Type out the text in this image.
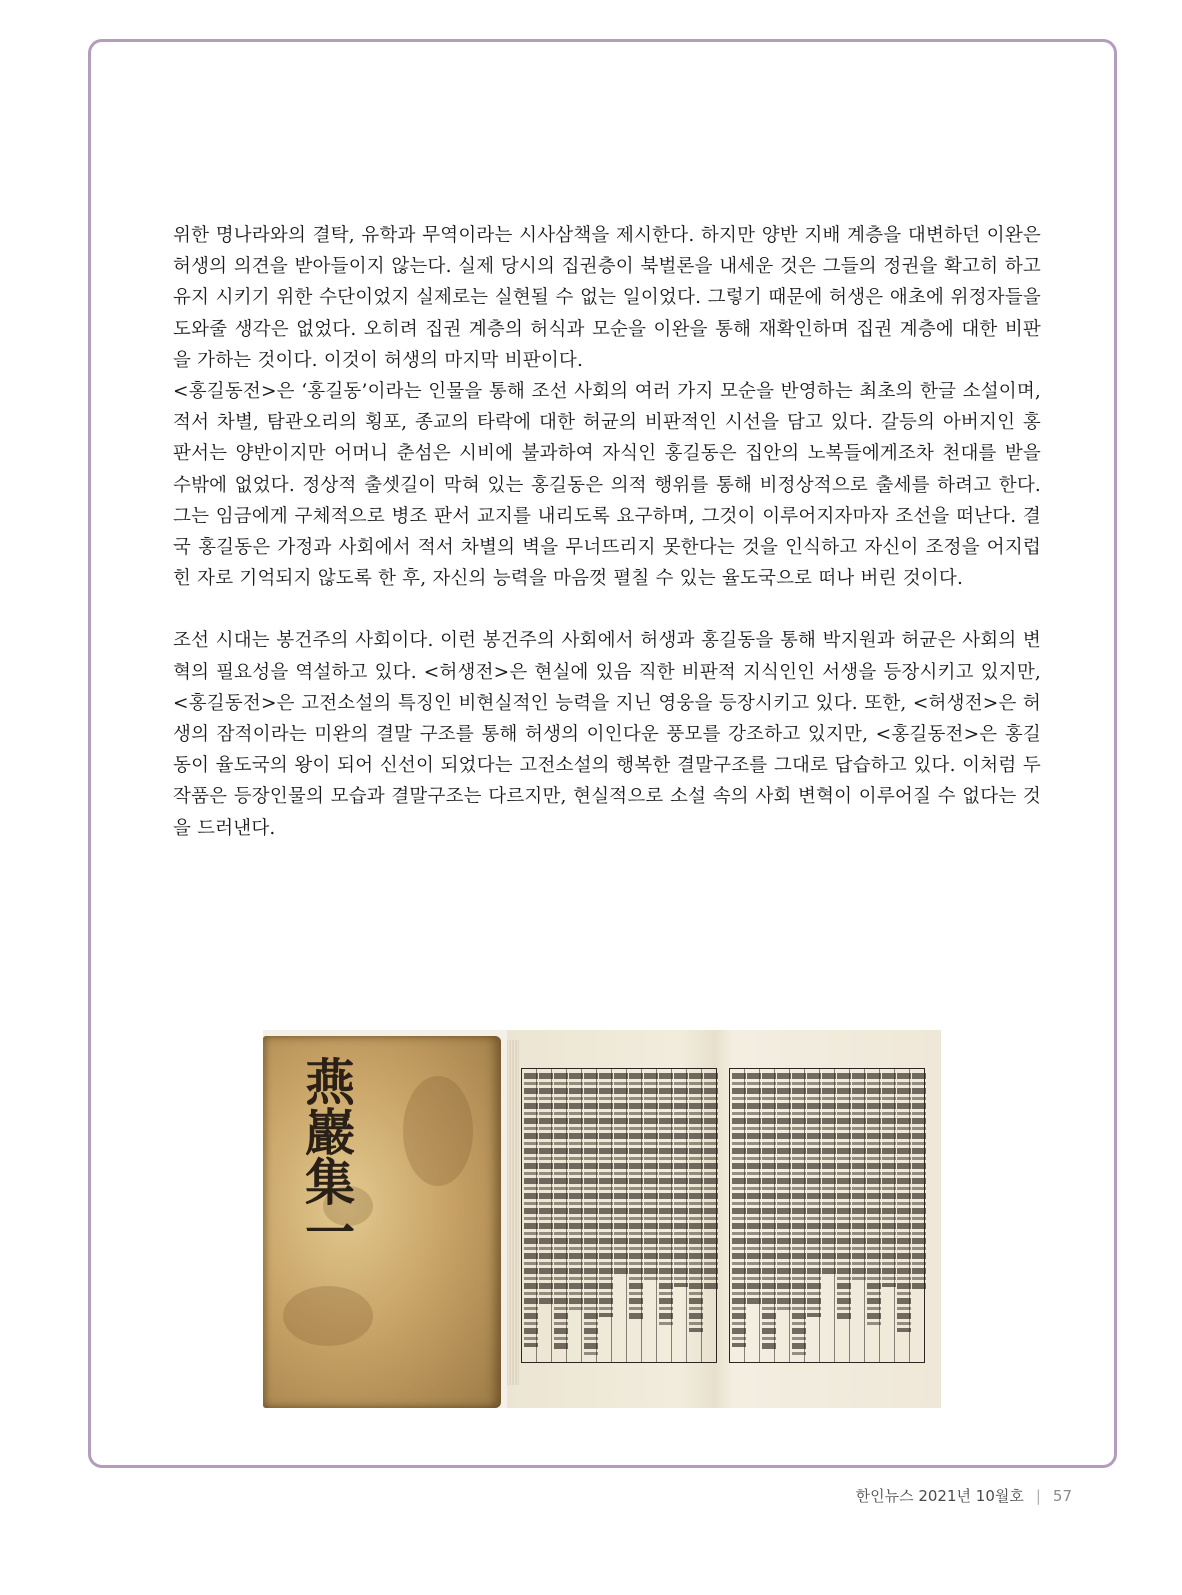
위한 명나라와의 결탁, 유학과 무역이라는 시사삼책을 제시한다. 하지만 양반 지배 계층을 대변하던 이완은 허생의 의견을 받아들이지 않는다. 실제 당시의 집권층이 북벌론을 내세운 것은 그들의 정권을 확고히 하고 유지 시키기 위한 수단이었지 실제로는 실현될 수 없는 일이었다. 그렇기 때문에 허생은 애초에 위정자들을 도와줄 생각은 없었다. 오히려 집권 계층의 허식과 모순을 이완을 통해 재확인하며 집권 계층에 대한 비판을 가하는 것이다. 이것이 허생의 마지막 비판이다.

<홍길동전>은 ‘홍길동’이라는 인물을 통해 조선 사회의 여러 가지 모순을 반영하는 최초의 한글 소설이며, 적서 차별, 탐관오리의 횡포, 종교의 타락에 대한 허균의 비판적인 시선을 담고 있다. 갈등의 아버지인 홍 판서는 양반이지만 어머니 춘섬은 시비에 불과하여 자식인 홍길동은 집안의 노복들에게조차 천대를 받을 수밖에 없었다. 정상적 출셋길이 막혀 있는 홍길동은 의적 행위를 통해 비정상적으로 출세를 하려고 한다. 그는 임금에게 구체적으로 병조 판서 교지를 내리도록 요구하며, 그것이 이루어지자마자 조선을 떠난다. 결국 홍길동은 가정과 사회에서 적서 차별의 벽을 무너뜨리지 못한다는 것을 인식하고 자신이 조정을 어지럽힌 자로 기억되지 않도록 한 후, 자신의 능력을 마음껏 펼칠 수 있는 율도국으로 떠나 버린 것이다.

조선 시대는 봉건주의 사회이다. 이런 봉건주의 사회에서 허생과 홍길동을 통해 박지원과 허균은 사회의 변혁의 필요성을 역설하고 있다. <허생전>은 현실에 있음 직한 비판적 지식인인 서생을 등장시키고 있지만, <홍길동전>은 고전소설의 특징인 비현실적인 능력을 지닌 영웅을 등장시키고 있다. 또한, <허생전>은 허생의 잠적이라는 미완의 결말 구조를 통해 허생의 이인다운 풍모를 강조하고 있지만, <홍길동전>은 홍길동이 율도국의 왕이 되어 신선이 되었다는 고전소설의 행복한 결말구조를 그대로 답습하고 있다. 이처럼 두 작품은 등장인물의 모습과 결말구조는 다르지만, 현실적으로 소설 속의 사회 변혁이 이루어질 수 없다는 것을 드러낸다.

燕巖集一
한인뉴스 2021년 10월호 | 57
